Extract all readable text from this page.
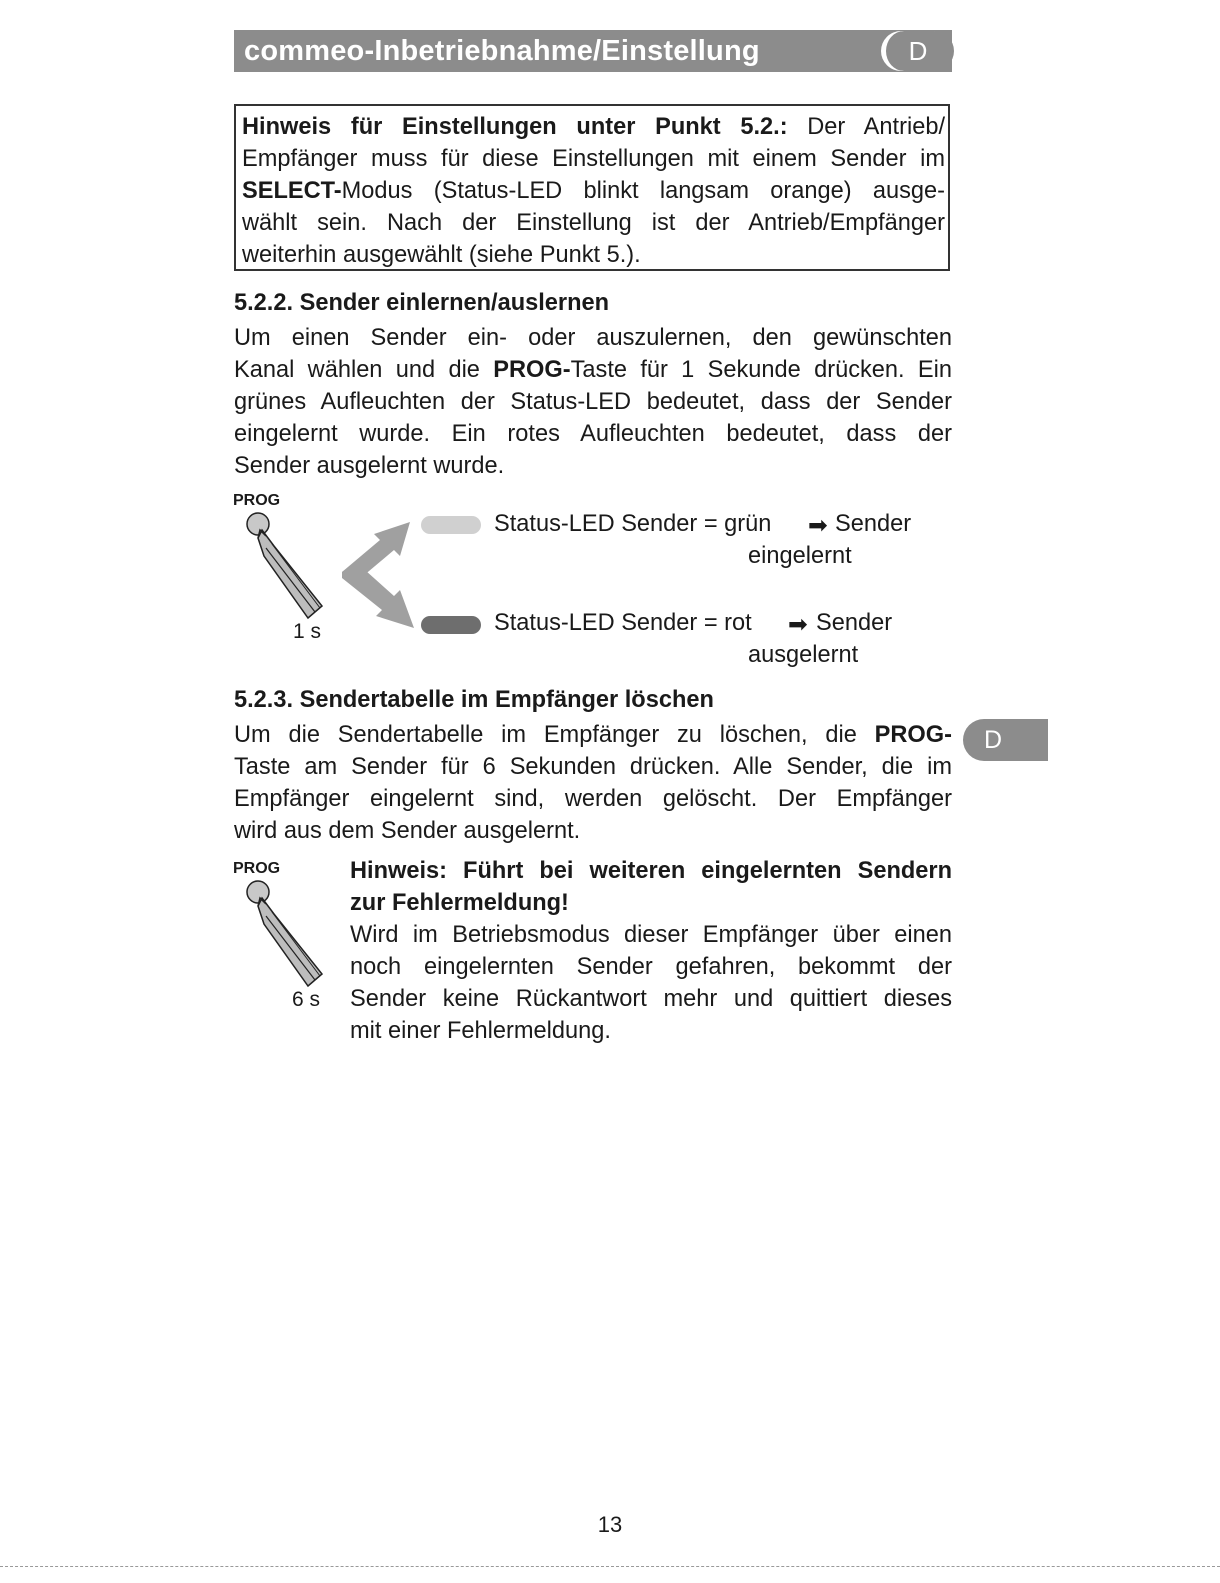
commeo-Inbetriebnahme/Einstellung	D
Hinweis für Einstellungen unter Punkt 5.2.: Der Antrieb/
Empfänger muss für diese Einstellungen mit einem Sender im
SELECT-Modus (Status-LED blinkt langsam orange) ausge-
wählt sein. Nach der Einstellung ist der Antrieb/Empfänger
weiterhin ausgewählt (siehe Punkt 5.).
5.2.2. Sender einlernen/auslernen
Um einen Sender ein- oder auszulernen, den gewünschten
Kanal wählen und die PROG-Taste für 1 Sekunde drücken. Ein
grünes Aufleuchten der Status-LED bedeutet, dass der Sender
eingelernt wurde. Ein rotes Aufleuchten bedeutet, dass der
Sender ausgelernt wurde.
PROG
1 s
Status-LED Sender = grün ➡ Sender
eingelernt
Status-LED Sender = rot ➡ Sender
ausgelernt
5.2.3. Sendertabelle im Empfänger löschen
Um die Sendertabelle im Empfänger zu löschen, die PROG-
Taste am Sender für 6 Sekunden drücken. Alle Sender, die im
Empfänger eingelernt sind, werden gelöscht. Der Empfänger
wird aus dem Sender ausgelernt.
D
PROG
6 s
Hinweis: Führt bei weiteren eingelernten Sendern
zur Fehlermeldung!
Wird im Betriebsmodus dieser Empfänger über einen
noch eingelernten Sender gefahren, bekommt der
Sender keine Rückantwort mehr und quittiert dieses
mit einer Fehlermeldung.
13
